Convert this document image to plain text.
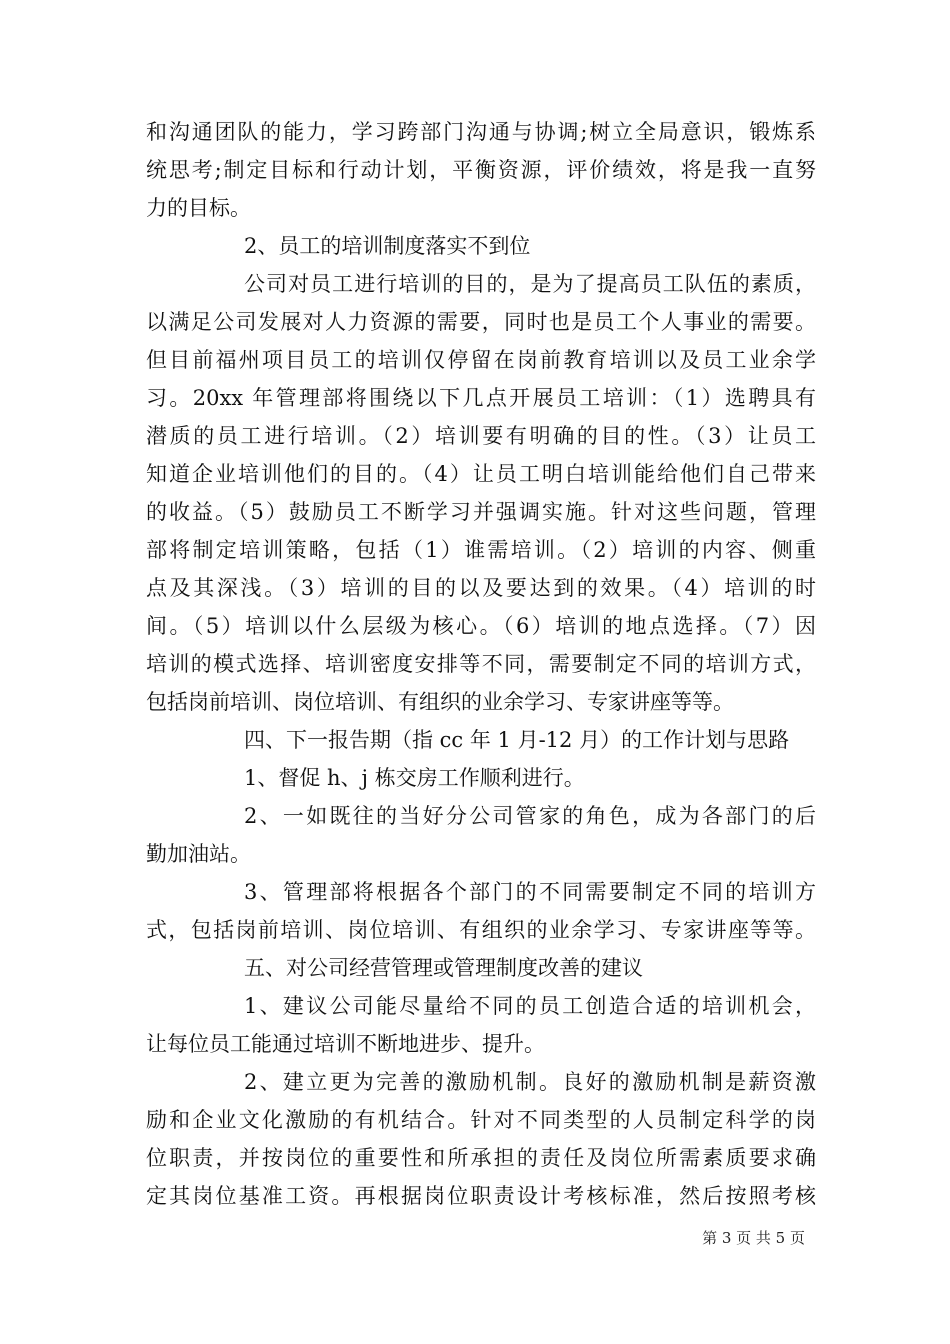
和沟通团队的能力，学习跨部门沟通与协调;树立全局意识，锻炼系
统思考;制定目标和行动计划，平衡资源，评价绩效，将是我一直努
力的目标。
2、员工的培训制度落实不到位
公司对员工进行培训的目的，是为了提高员工队伍的素质，
以满足公司发展对人力资源的需要，同时也是员工个人事业的需要。
但目前福州项目员工的培训仅停留在岗前教育培训以及员工业余学
习。20xx 年管理部将围绕以下几点开展员工培训：（1）选聘具有
潜质的员工进行培训。（2）培训要有明确的目的性。（3）让员工
知道企业培训他们的目的。（4）让员工明白培训能给他们自己带来
的收益。（5）鼓励员工不断学习并强调实施。针对这些问题，管理
部将制定培训策略，包括（1）谁需培训。（2）培训的内容、侧重
点及其深浅。（3）培训的目的以及要达到的效果。（4）培训的时
间。（5）培训以什么层级为核心。（6）培训的地点选择。（7）因
培训的模式选择、培训密度安排等不同，需要制定不同的培训方式，
包括岗前培训、岗位培训、有组织的业余学习、专家讲座等等。
四、下一报告期（指 cc 年 1 月-12 月）的工作计划与思路
1、督促 h、j 栋交房工作顺利进行。
2、一如既往的当好分公司管家的角色，成为各部门的后
勤加油站。
3、管理部将根据各个部门的不同需要制定不同的培训方
式，包括岗前培训、岗位培训、有组织的业余学习、专家讲座等等。
五、对公司经营管理或管理制度改善的建议
1、建议公司能尽量给不同的员工创造合适的培训机会，
让每位员工能通过培训不断地进步、提升。
2、建立更为完善的激励机制。良好的激励机制是薪资激
励和企业文化激励的有机结合。针对不同类型的人员制定科学的岗
位职责，并按岗位的重要性和所承担的责任及岗位所需素质要求确
定其岗位基准工资。再根据岗位职责设计考核标准，然后按照考核
第 3 页 共 5 页
